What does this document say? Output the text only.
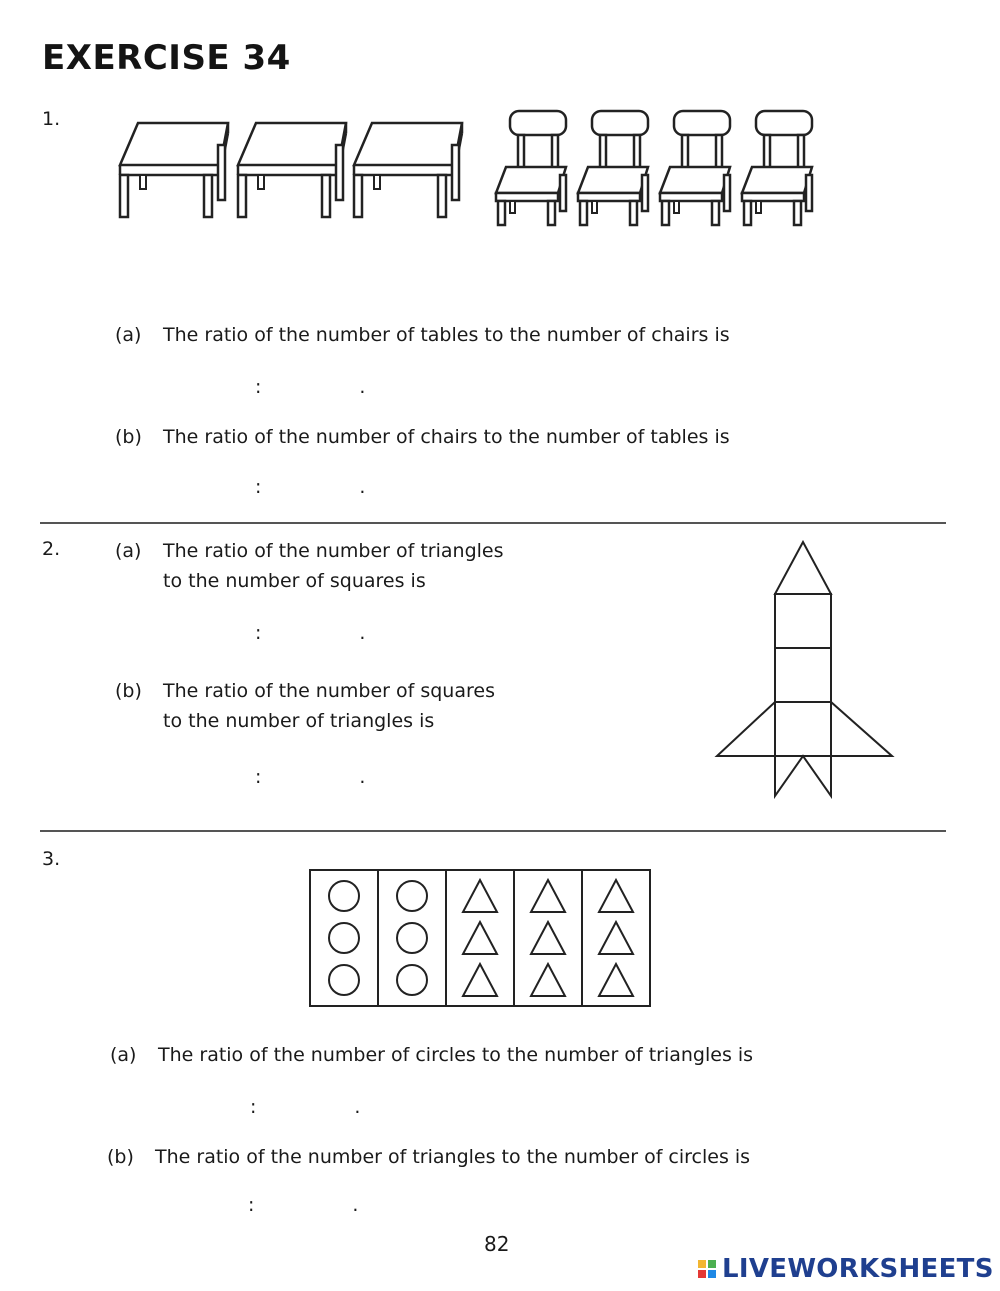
EXERCISE 34
1.
(a) The ratio of the number of tables to the number of chairs is
:	.
(b) The ratio of the number of chairs to the number of tables is
:	.
2.	(a) The ratio of the number of triangles
to the number of squares is
:	.
(b) The ratio of the number of squares
to the number of triangles is
:	.
3.
(a) The ratio of the number of circles to the number of triangles is
:	.
(b) The ratio of the number of triangles to the number of circles is
:	.
82
LIVEWORKSHEETS
